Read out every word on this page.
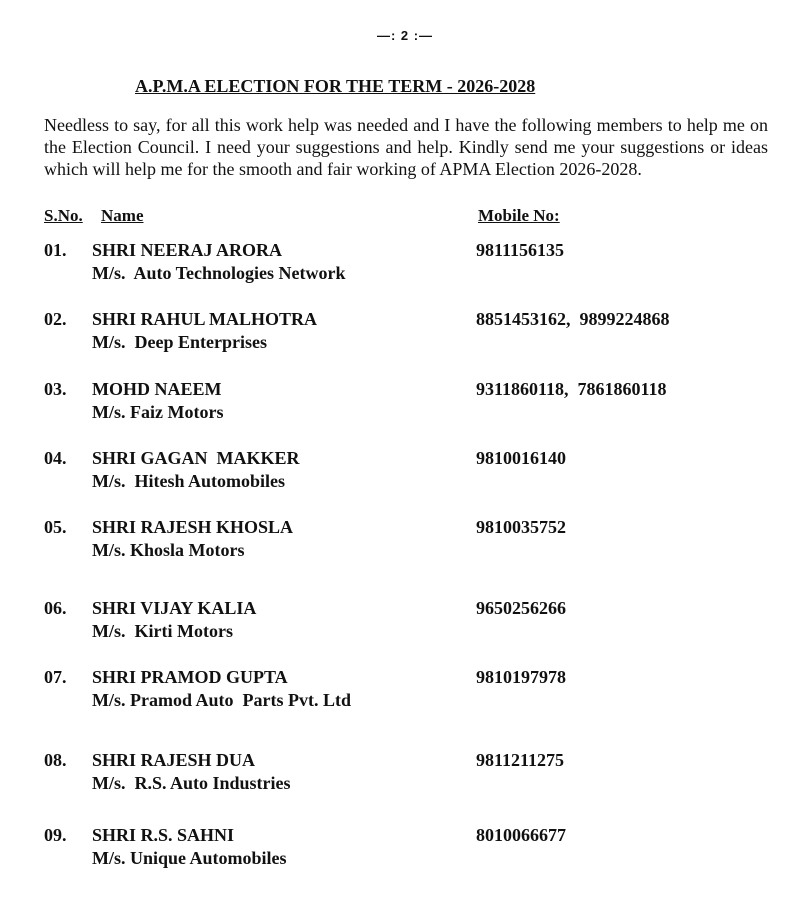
—: 2 :—
A.P.M.A ELECTION FOR THE TERM - 2026-2028
Needless to say, for all this work help was needed and I have the following members to help me on the Election Council. I need your suggestions and help. Kindly send me your suggestions or ideas which will help me for the smooth and fair working of APMA Election 2026-2028.
S.No. Name	Mobile No:
01. SHRI NEERAJ ARORA
M/s.  Auto Technologies Network
9811156135
02. SHRI RAHUL MALHOTRA
M/s.  Deep Enterprises
8851453162,  9899224868
03. MOHD NAEEM
M/s. Faiz Motors
9311860118,  7861860118
04. SHRI GAGAN  MAKKER
M/s.  Hitesh Automobiles
9810016140
05. SHRI RAJESH KHOSLA
M/s. Khosla Motors
9810035752
06. SHRI VIJAY KALIA
M/s.  Kirti Motors
9650256266
07. SHRI PRAMOD GUPTA
M/s. Pramod Auto  Parts Pvt. Ltd
9810197978
08. SHRI RAJESH DUA
M/s.  R.S. Auto Industries
9811211275
09. SHRI R.S. SAHNI
M/s. Unique Automobiles
8010066677
